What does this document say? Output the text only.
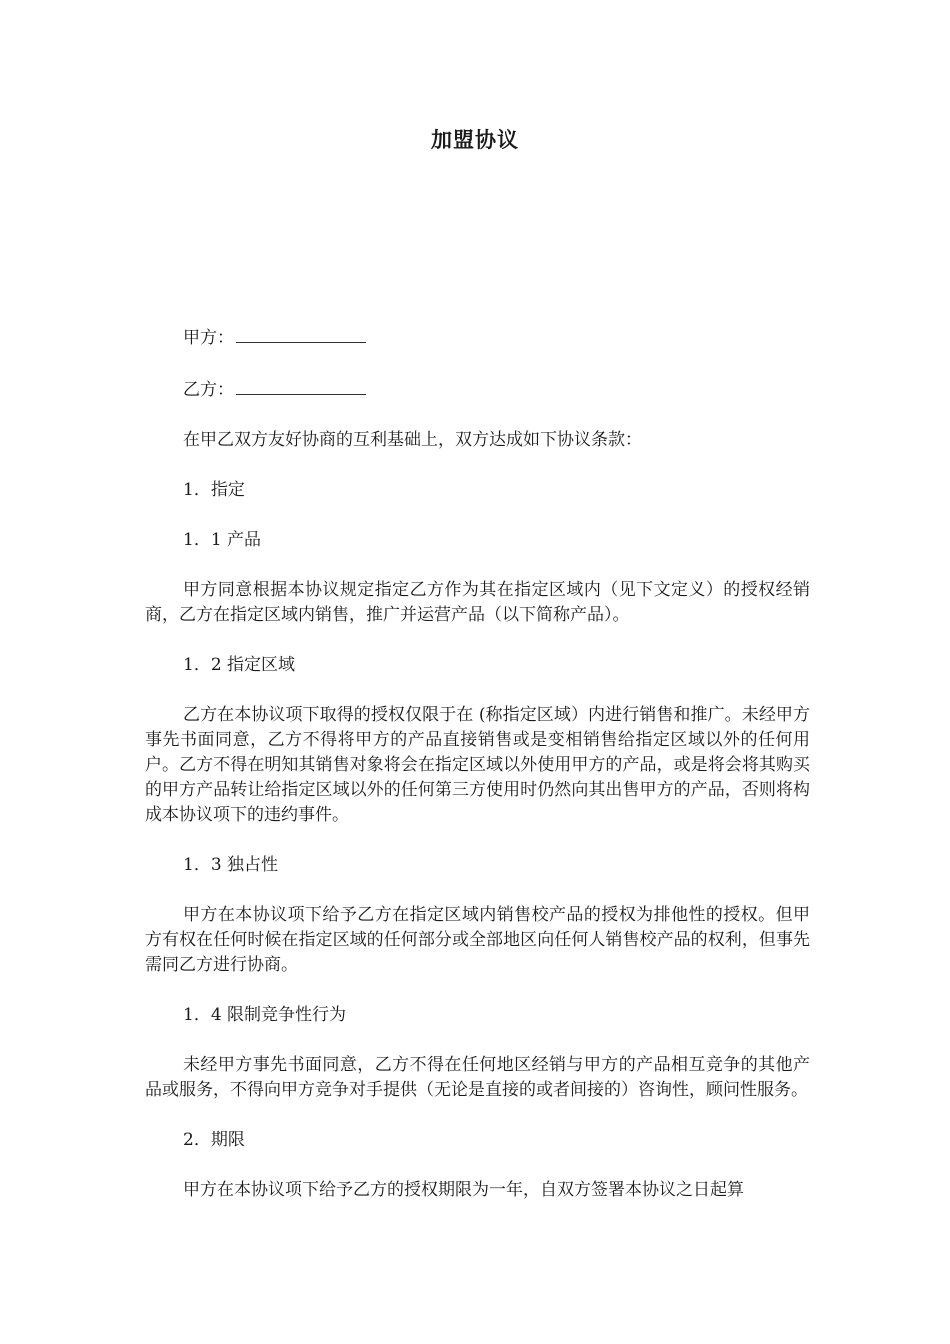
加盟协议

甲方：

乙方：

在甲乙双方友好协商的互利基础上，双方达成如下协议条款：

1．指定

1．1 产品

甲方同意根据本协议规定指定乙方作为其在指定区域内（见下文定义）的授权经销商，乙方在指定区域内销售，推广并运营产品（以下简称产品）。

1．2 指定区域

乙方在本协议项下取得的授权仅限于在 (称指定区域）内进行销售和推广。未经甲方事先书面同意，乙方不得将甲方的产品直接销售或是变相销售给指定区域以外的任何用户。乙方不得在明知其销售对象将会在指定区域以外使用甲方的产品，或是将会将其购买的甲方产品转让给指定区域以外的任何第三方使用时仍然向其出售甲方的产品，否则将构成本协议项下的违约事件。

1．3 独占性

甲方在本协议项下给予乙方在指定区域内销售校产品的授权为排他性的授权。但甲方有权在任何时候在指定区域的任何部分或全部地区向任何人销售校产品的权利，但事先需同乙方进行协商。

1．4 限制竞争性行为

未经甲方事先书面同意，乙方不得在任何地区经销与甲方的产品相互竞争的其他产品或服务，不得向甲方竞争对手提供（无论是直接的或者间接的）咨询性，顾问性服务。

2．期限

甲方在本协议项下给予乙方的授权期限为一年，自双方签署本协议之日起算
